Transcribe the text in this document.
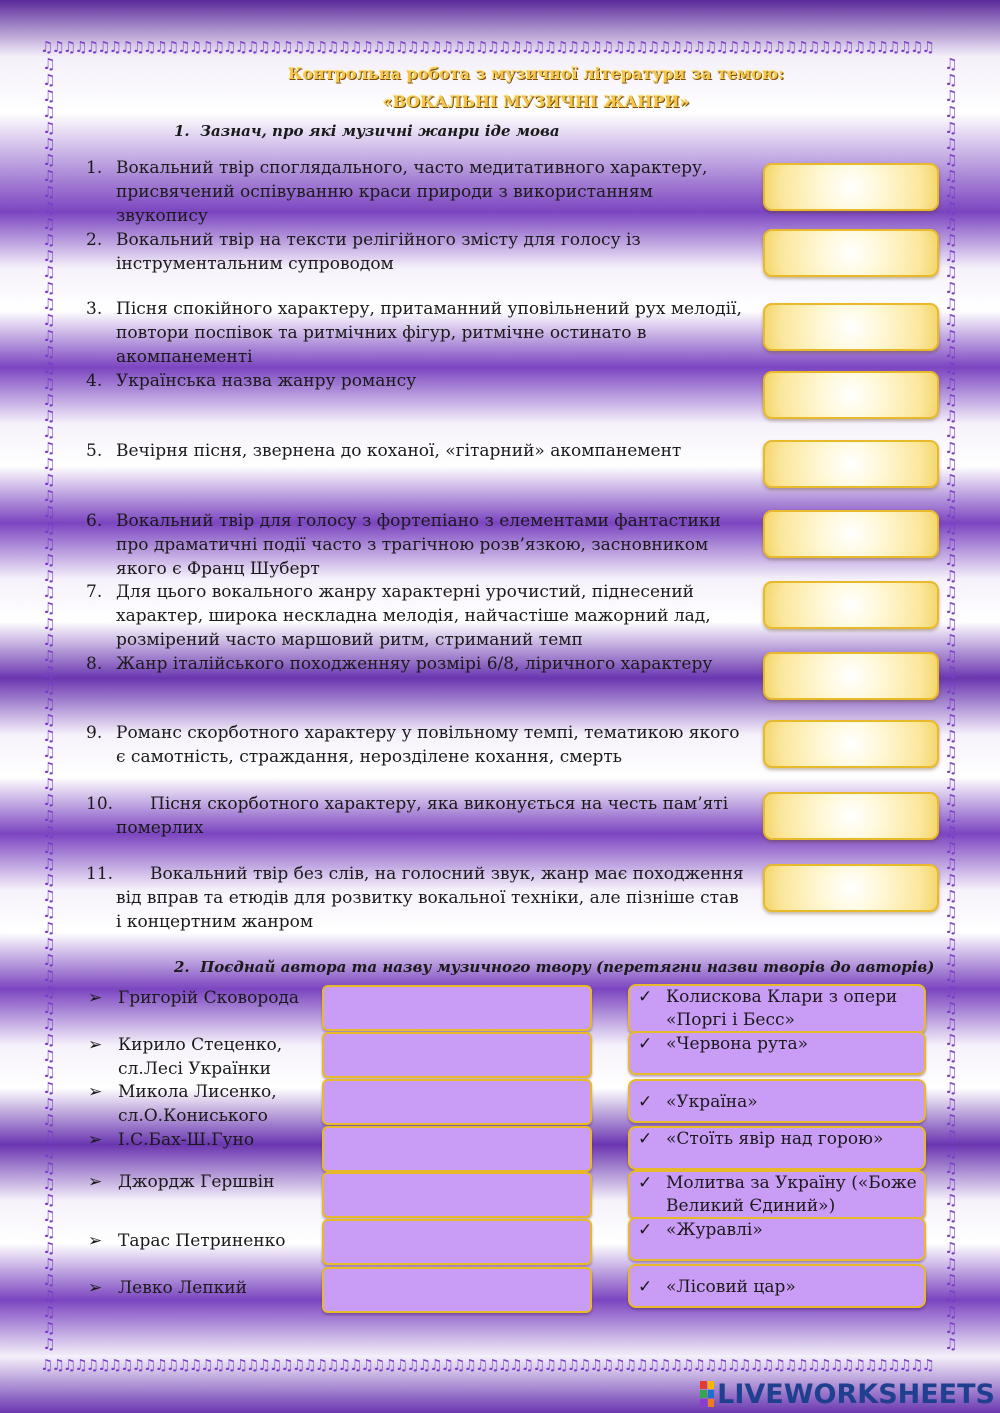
♫♫♫♫♫♫♫♫♫♫♫♫♫♫♫♫♫♫♫♫♫♫♫♫♫♫♫♫♫♫♫♫♫♫♫♫♫♫♫♫♫♫♫♫♫♫♫♫♫♫♫♫♫♫♫♫♫♫♫♫♫♫♫♫♫♫♫♫♫♫♫♫♫♫♫♫♫♫
♫♫♫♫♫♫♫♫♫♫♫♫♫♫♫♫♫♫♫♫♫♫♫♫♫♫♫♫♫♫♫♫♫♫♫♫♫♫♫♫♫♫♫♫♫♫♫♫♫♫♫♫♫♫♫♫♫♫♫♫♫♫♫♫♫♫♫♫♫♫♫♫♫♫♫♫♫♫
♫♫♫♫♫♫♫♫♫♫♫♫♫♫♫♫♫♫♫♫♫♫♫♫♫♫♫♫♫♫♫♫♫♫♫♫♫♫♫♫♫♫♫♫♫♫♫♫♫♫♫♫♫♫♫♫♫♫♫♫♫♫♫♫♫♫♫♫♫♫♫♫♫♫♫♫♫♫♫♫♫
♫♫♫♫♫♫♫♫♫♫♫♫♫♫♫♫♫♫♫♫♫♫♫♫♫♫♫♫♫♫♫♫♫♫♫♫♫♫♫♫♫♫♫♫♫♫♫♫♫♫♫♫♫♫♫♫♫♫♫♫♫♫♫♫♫♫♫♫♫♫♫♫♫♫♫♫♫♫♫♫♫
Контрольна робота з музичної літератури за темою:
«ВОКАЛЬНІ МУЗИЧНІ ЖАНРИ»
1. Зазнач, про які музичні жанри іде мова
1. Вокальний твір споглядального, часто медитативного характеру, присвячений оспівуванню краси природи з використанням звукопису
2. Вокальний твір на тексти релігійного змісту для голосу із інструментальним супроводом
3. Пісня спокійного характеру, притаманний уповільнений рух мелодії, повтори поспівок та ритмічних фігур, ритмічне остинато в акомпанементі
4. Українська назва жанру романсу
5. Вечірня пісня, звернена до коханої, «гітарний» акомпанемент
6. Вокальний твір для голосу з фортепіано з елементами фантастики про драматичні події часто з трагічною розв’язкою, засновником якого є Франц Шуберт
7. Для цього вокального жанру характерні урочистий, піднесений характер, широка нескладна мелодія, найчастіше мажорний лад, розмірений часто маршовий ритм, стриманий темп
8. Жанр італійського походженняу розмірі 6/8, ліричного характеру
9. Романс скорботного характеру у повільному темпі, тематикою якого є самотність, страждання, нерозділене кохання, смерть
10.	Пісня скорботного характеру, яка виконується на честь пам’яті померлих
11.	Вокальний твір без слів, на голосний звук, жанр має походження від вправ та етюдів для розвитку вокальної техніки, але пізніше став і концертним жанром
2. Поєднай автора та назву музичного твору (перетягни назви творів до авторів)
➢ Григорій Сковорода
➢ Кирило Стеценко, сл.Лесі Українки
➢ Микола Лисенко, сл.О.Кониського
➢ І.С.Бах-Ш.Гуно
➢ Джордж Гершвін
➢ Тарас Петриненко
➢ Левко Лепкий
✓ Колискова Клари з опери «Поргі і Бесс»
✓ «Червона рута»
✓ «Україна»
✓ «Стоїть явір над горою»
✓ Молитва за Україну («Боже Великий Єдиний»)
✓ «Журавлі»
✓ «Лісовий цар»
LIVEWORKSHEETS
